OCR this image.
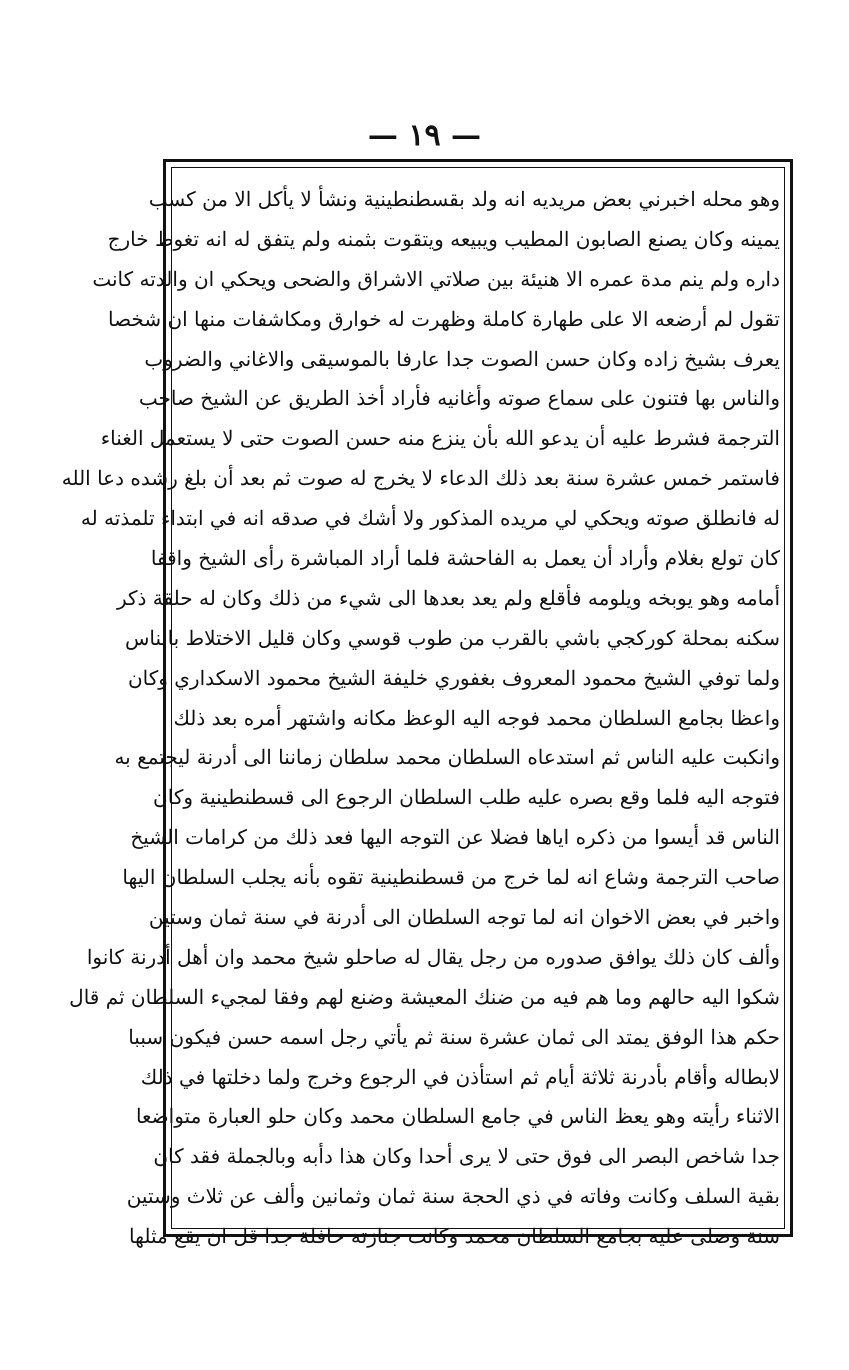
— ١٩ —
وهو محله اخبرني بعض مريديه انه ولد بقسطنطينية ونشأ لا يأكل الا من كسب
يمينه وكان يصنع الصابون المطيب ويبيعه ويتقوت بثمنه ولم يتفق له انه تغوط خارج
داره ولم ينم مدة عمره الا هنيئة بين صلاتي الاشراق والضحى ويحكي ان والدته كانت
تقول لم أرضعه الا على طهارة كاملة وظهرت له خوارق ومكاشفات منها ان شخصا
يعرف بشيخ زاده وكان حسن الصوت جدا عارفا بالموسيقى والاغاني والضروب
والناس بها فتنون على سماع صوته وأغانيه فأراد أخذ الطريق عن الشيخ صاحب
الترجمة فشرط عليه أن يدعو الله بأن ينزع منه حسن الصوت حتى لا يستعمل الغناء
فاستمر خمس عشرة سنة بعد ذلك الدعاء لا يخرج له صوت ثم بعد أن بلغ رشده دعا الله
له فانطلق صوته ويحكي لي مريده المذكور ولا أشك في صدقه انه في ابتداء تلمذته له
كان تولع بغلام وأراد أن يعمل به الفاحشة فلما أراد المباشرة رأى الشيخ واقفا
أمامه وهو يوبخه ويلومه فأقلع ولم يعد بعدها الى شيء من ذلك وكان له حلقة ذكر
سكنه بمحلة كوركجي باشي بالقرب من طوب قوسي وكان قليل الاختلاط بالناس
ولما توفي الشيخ محمود المعروف بغفوري خليفة الشيخ محمود الاسكداري وكان
واعظا بجامع السلطان محمد فوجه اليه الوعظ مكانه واشتهر أمره بعد ذلك
وانكبت عليه الناس ثم استدعاه السلطان محمد سلطان زماننا الى أدرنة ليجتمع به
فتوجه اليه فلما وقع بصره عليه طلب السلطان الرجوع الى قسطنطينية وكان
الناس قد أيسوا من ذكره اياها فضلا عن التوجه اليها فعد ذلك من كرامات الشيخ
صاحب الترجمة وشاع انه لما خرج من قسطنطينية تقوه بأنه يجلب السلطان اليها
واخبر في بعض الاخوان انه لما توجه السلطان الى أدرنة في سنة ثمان وستين
وألف كان ذلك يوافق صدوره من رجل يقال له صاحلو شيخ محمد وان أهل أدرنة كانوا
شكوا اليه حالهم وما هم فيه من ضنك المعيشة وضنع لهم وفقا لمجيء السلطان ثم قال
حكم هذا الوفق يمتد الى ثمان عشرة سنة ثم يأتي رجل اسمه حسن فيكون سببا
لابطاله وأقام بأدرنة ثلاثة أيام ثم استأذن في الرجوع وخرج ولما دخلتها في ذلك
الاثناء رأيته وهو يعظ الناس في جامع السلطان محمد وكان حلو العبارة متواضعا
جدا شاخص البصر الى فوق حتى لا يرى أحدا وكان هذا دأبه وبالجملة فقد كان
بقية السلف وكانت وفاته في ذي الحجة سنة ثمان وثمانين وألف عن ثلاث وستين
سنة وصلى عليه بجامع السلطان محمد وكانت جنازته حافلة جدا قل ان يقع مثلها
